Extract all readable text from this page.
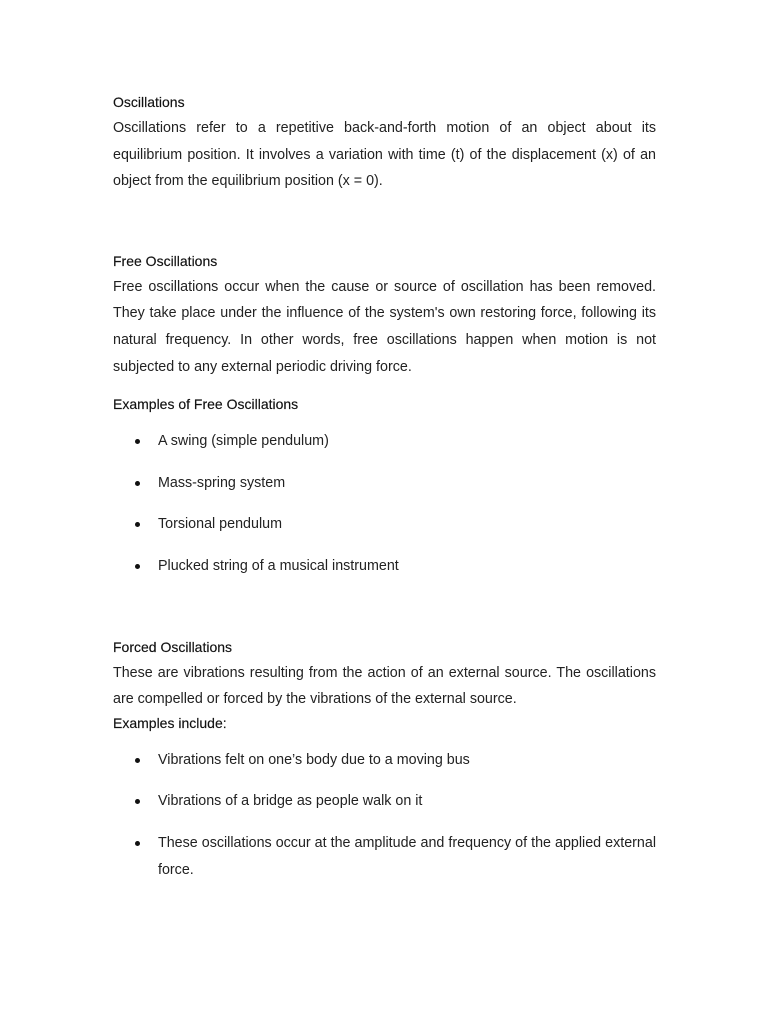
Oscillations

Oscillations refer to a repetitive back-and-forth motion of an object about its equilibrium position. It involves a variation with time (t) of the displacement (x) of an object from the equilibrium position (x = 0).

Free Oscillations

Free oscillations occur when the cause or source of oscillation has been removed. They take place under the influence of the system's own restoring force, following its natural frequency. In other words, free oscillations happen when motion is not subjected to any external periodic driving force.

Examples of Free Oscillations

A swing (simple pendulum)
Mass-spring system
Torsional pendulum
Plucked string of a musical instrument

Forced Oscillations

These are vibrations resulting from the action of an external source. The oscillations are compelled or forced by the vibrations of the external source.

Examples include:

Vibrations felt on one’s body due to a moving bus
Vibrations of a bridge as people walk on it
These oscillations occur at the amplitude and frequency of the applied external force.
